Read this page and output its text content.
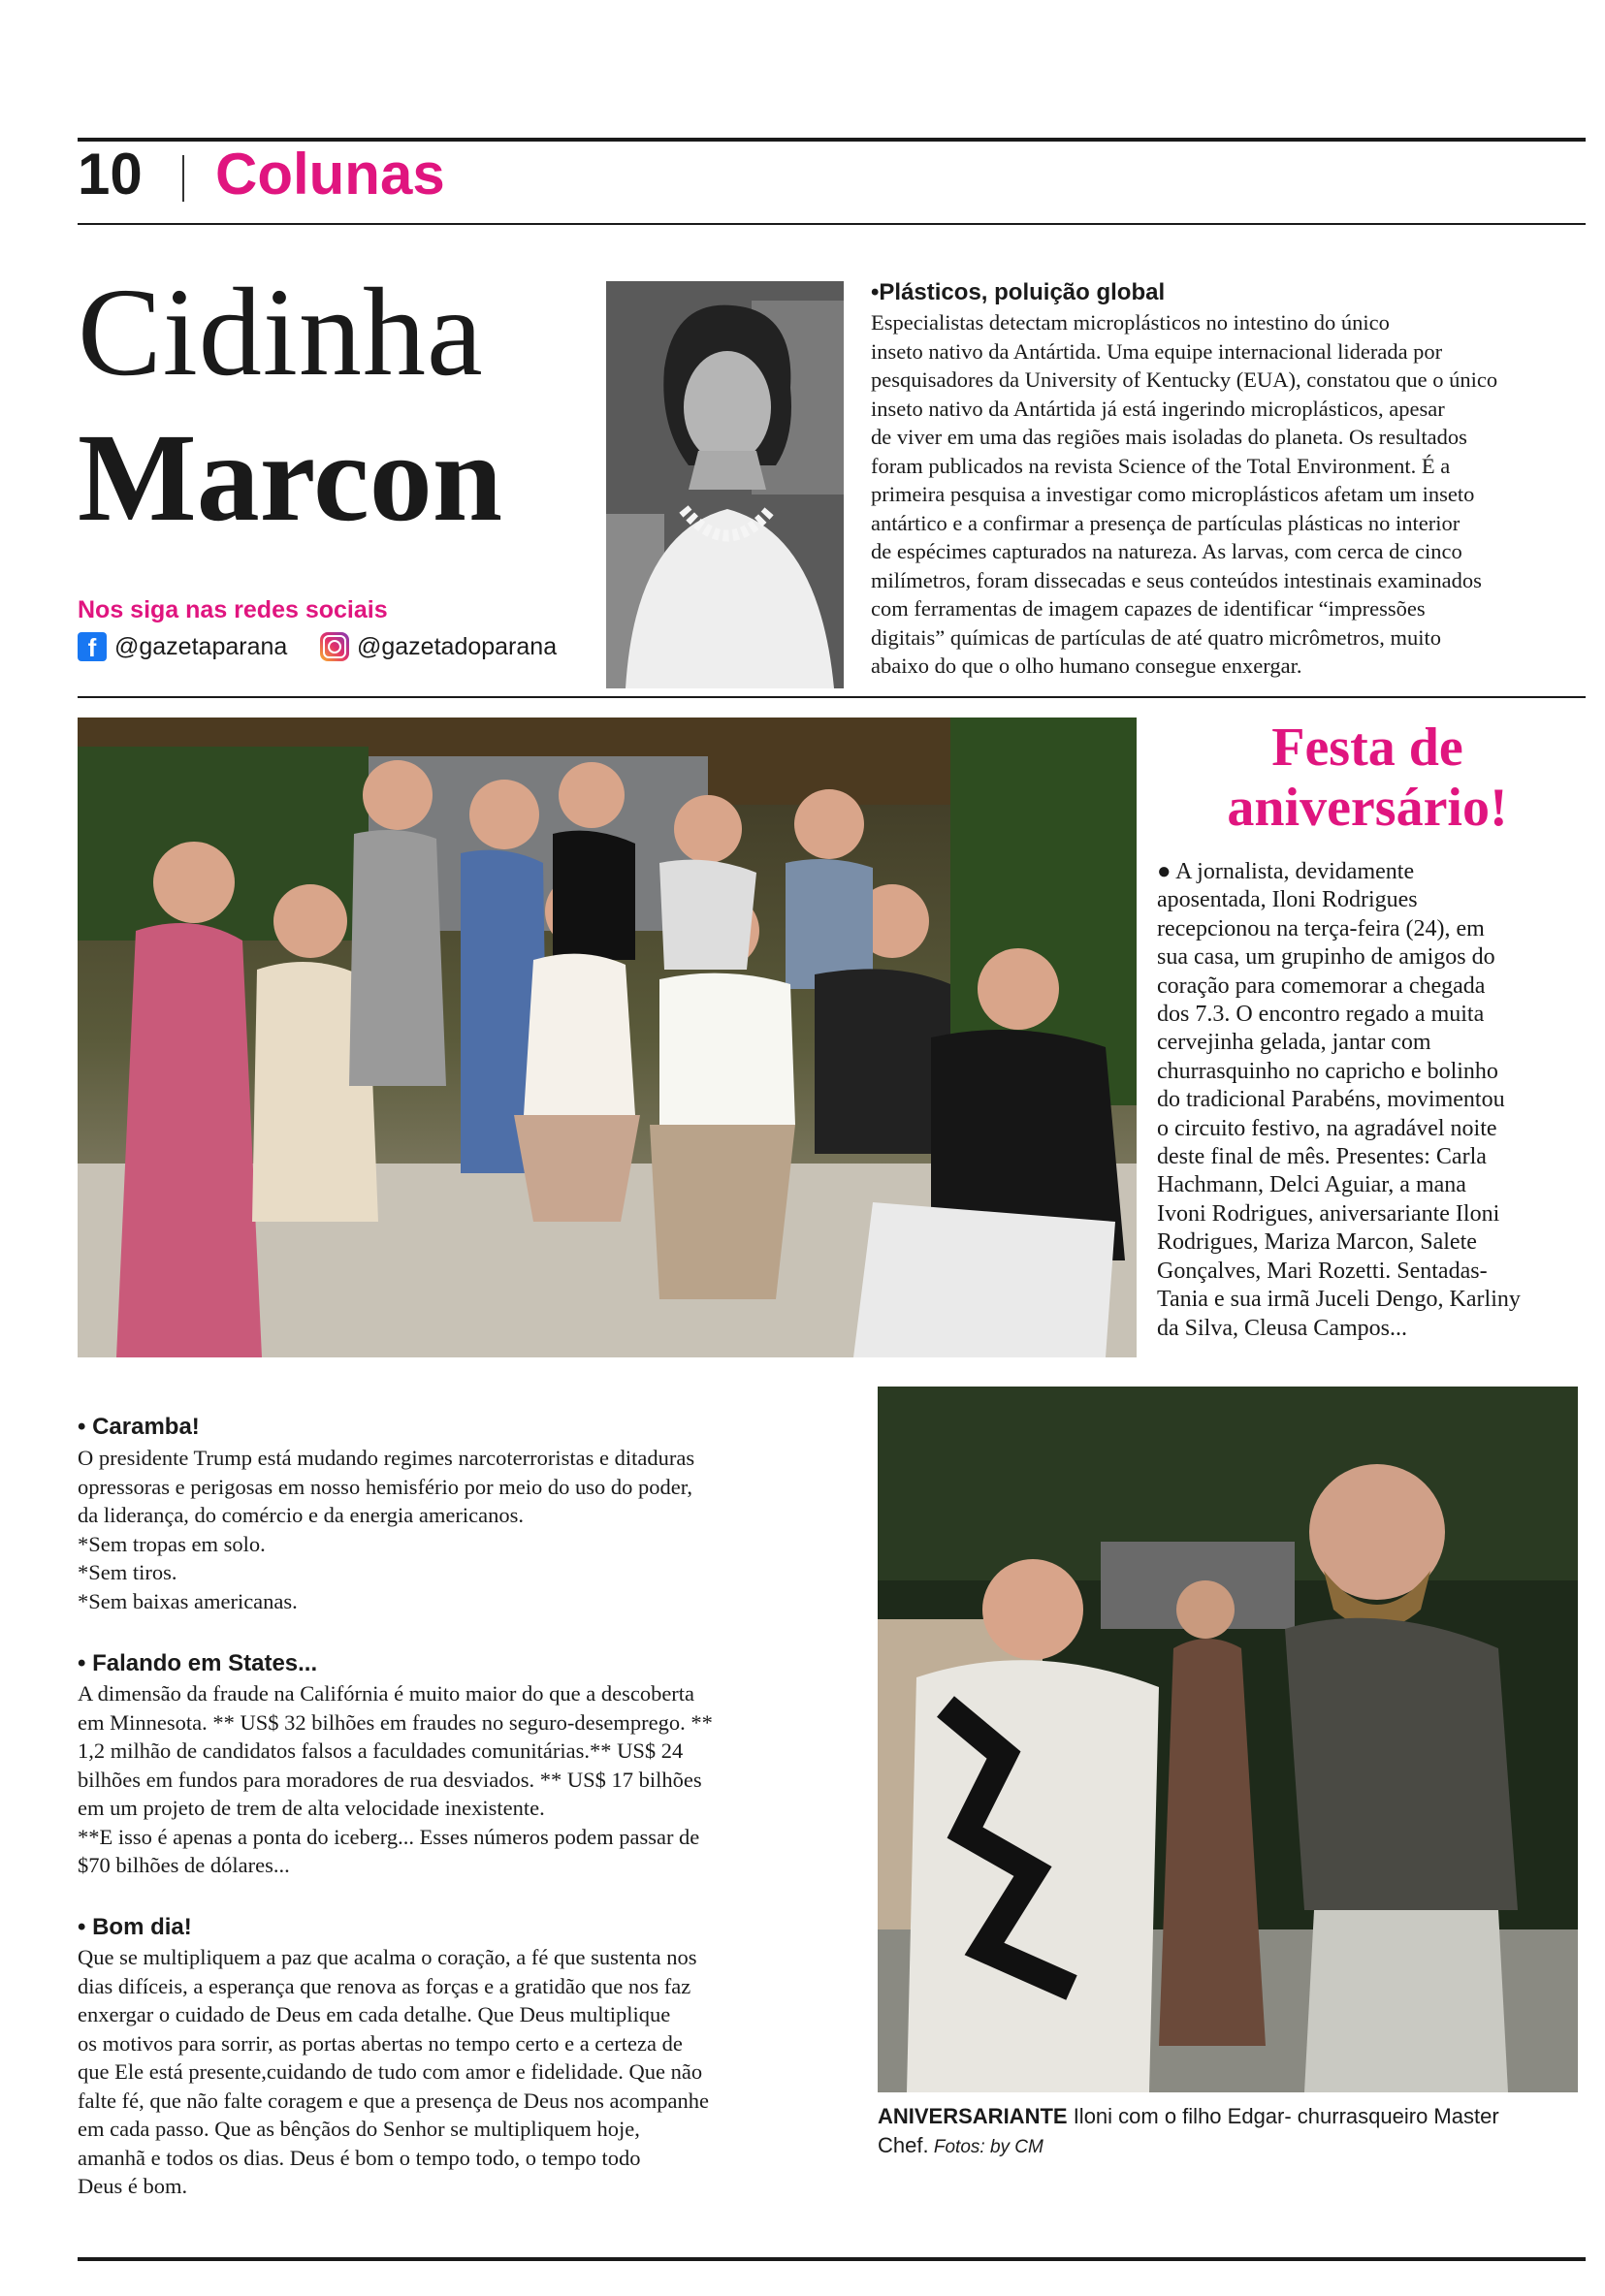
10 Colunas
Cidinha
Marcon
Nos siga nas redes sociais
f @gazetaparana	@gazetadoparana
•Plásticos, poluição global
Especialistas detectam microplásticos no intestino do único
inseto nativo da Antártida. Uma equipe internacional liderada por
pesquisadores da University of Kentucky (EUA), constatou que o único
inseto nativo da Antártida já está ingerindo microplásticos, apesar
de viver em uma das regiões mais isoladas do planeta. Os resultados
foram publicados na revista Science of the Total Environment. É a
primeira pesquisa a investigar como microplásticos afetam um inseto
antártico e a confirmar a presença de partículas plásticas no interior
de espécimes capturados na natureza. As larvas, com cerca de cinco
milímetros, foram dissecadas e seus conteúdos intestinais examinados
com ferramentas de imagem capazes de identificar “impressões
digitais” químicas de partículas de até quatro micrômetros, muito
abaixo do que o olho humano consegue enxergar.
Festa de
aniversário!
● A jornalista, devidamente
aposentada, Iloni Rodrigues
recepcionou na terça-feira (24), em
sua casa, um grupinho de amigos do
coração para comemorar a chegada
dos 7.3. O encontro regado a muita
cervejinha gelada, jantar com
churrasquinho no capricho e bolinho
do tradicional Parabéns, movimentou
o circuito festivo, na agradável noite
deste final de mês. Presentes: Carla
Hachmann, Delci Aguiar, a mana
Ivoni Rodrigues, aniversariante Iloni
Rodrigues, Mariza Marcon, Salete
Gonçalves, Mari Rozetti. Sentadas-
Tania e sua irmã Juceli Dengo, Karliny
da Silva, Cleusa Campos...
• Caramba!
O presidente Trump está mudando regimes narcoterroristas e ditaduras
opressoras e perigosas em nosso hemisfério por meio do uso do poder,
da liderança, do comércio e da energia americanos.
*Sem tropas em solo.
*Sem tiros.
*Sem baixas americanas.
• Falando em States...
A dimensão da fraude na Califórnia é muito maior do que a descoberta
em Minnesota. ** US$ 32 bilhões em fraudes no seguro-desemprego. **
1,2 milhão de candidatos falsos a faculdades comunitárias.** US$ 24
bilhões em fundos para moradores de rua desviados. ** US$ 17 bilhões
em um projeto de trem de alta velocidade inexistente.
**E isso é apenas a ponta do iceberg... Esses números podem passar de
$70 bilhões de dólares...
• Bom dia!
Que se multipliquem a paz que acalma o coração, a fé que sustenta nos
dias difíceis, a esperança que renova as forças e a gratidão que nos faz
enxergar o cuidado de Deus em cada detalhe. Que Deus multiplique
os motivos para sorrir, as portas abertas no tempo certo e a certeza de
que Ele está presente,cuidando de tudo com amor e fidelidade. Que não
falte fé, que não falte coragem e que a presença de Deus nos acompanhe
em cada passo. Que as bênçãos do Senhor se multipliquem hoje,
amanhã e todos os dias. Deus é bom o tempo todo, o tempo todo
Deus é bom.
ANIVERSARIANTE Iloni com o filho Edgar- churrasqueiro Master
Chef. Fotos: by CM
